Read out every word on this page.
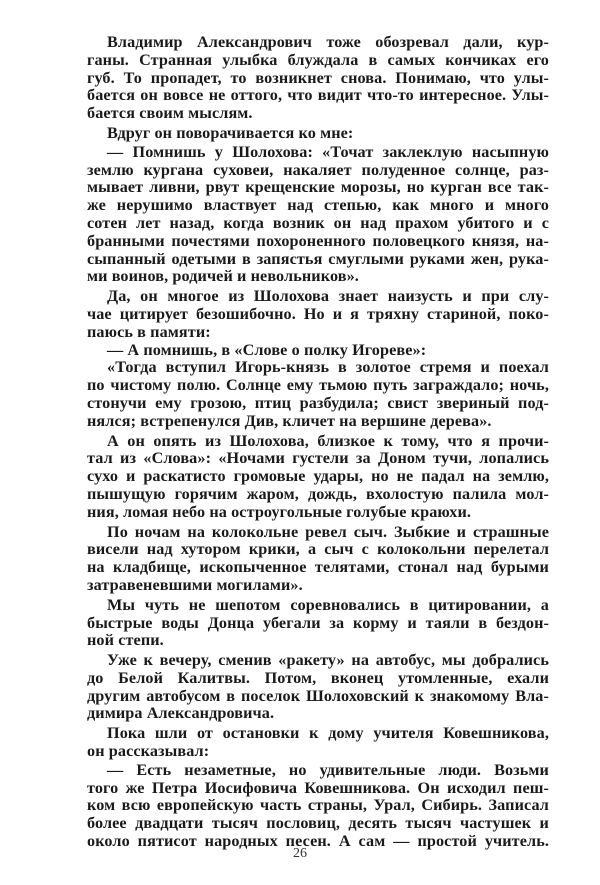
Владимир Александрович тоже обозревал дали, кур-
ганы. Странная улыбка блуждала в самых кончиках его
губ. То пропадет, то возникнет снова. Понимаю, что улы-
бается он вовсе не оттого, что видит что-то интересное. Улы-
бается своим мыслям.
Вдруг он поворачивается ко мне:
— Помнишь у Шолохова: «Точат заклеклую насыпную
землю кургана суховеи, накаляет полуденное солнце, раз-
мывает ливни, рвут крещенские морозы, но курган все так-
же нерушимо властвует над степью, как много и много
сотен лет назад, когда возник он над прахом убитого и с
бранными почестями похороненного половецкого князя, на-
сыпанный одетыми в запястья смуглыми руками жен, рука-
ми воинов, родичей и невольников».
Да, он многое из Шолохова знает наизусть и при слу-
чае цитирует безошибочно. Но и я тряхну стариной, поко-
паюсь в памяти:
— А помнишь, в «Слове о полку Игореве»:
«Тогда вступил Игорь-князь в золотое стремя и поехал
по чистому полю. Солнце ему тьмою путь заграждало; ночь,
стонучи ему грозою, птиц разбудила; свист звериный под-
нялся; встрепенулся Див, кличет на вершине дерева».
А он опять из Шолохова, близкое к тому, что я прочи-
тал из «Слова»: «Ночами густели за Доном тучи, лопались
сухо и раскатисто громовые удары, но не падал на землю,
пышущую горячим жаром, дождь, вхолостую палила мол-
ния, ломая небо на остроугольные голубые краюхи.
По ночам на колокольне ревел сыч. Зыбкие и страшные
висели над хутором крики, а сыч с колокольни перелетал
на кладбище, ископыченное телятами, стонал над бурыми
затравеневшими могилами».
Мы чуть не шепотом соревновались в цитировании, а
быстрые воды Донца убегали за корму и таяли в бездон-
ной степи.
Уже к вечеру, сменив «ракету» на автобус, мы добрались
до Белой Калитвы. Потом, вконец утомленные, ехали
другим автобусом в поселок Шолоховский к знакомому Вла-
димира Александровича.
Пока шли от остановки к дому учителя Ковешникова,
он рассказывал:
— Есть незаметные, но удивительные люди. Возьми
того же Петра Иосифовича Ковешникова. Он исходил пеш-
ком всю европейскую часть страны, Урал, Сибирь. Записал
более двадцати тысяч пословиц, десять тысяч частушек и
около пятисот народных песен. А сам — простой учитель.
26
